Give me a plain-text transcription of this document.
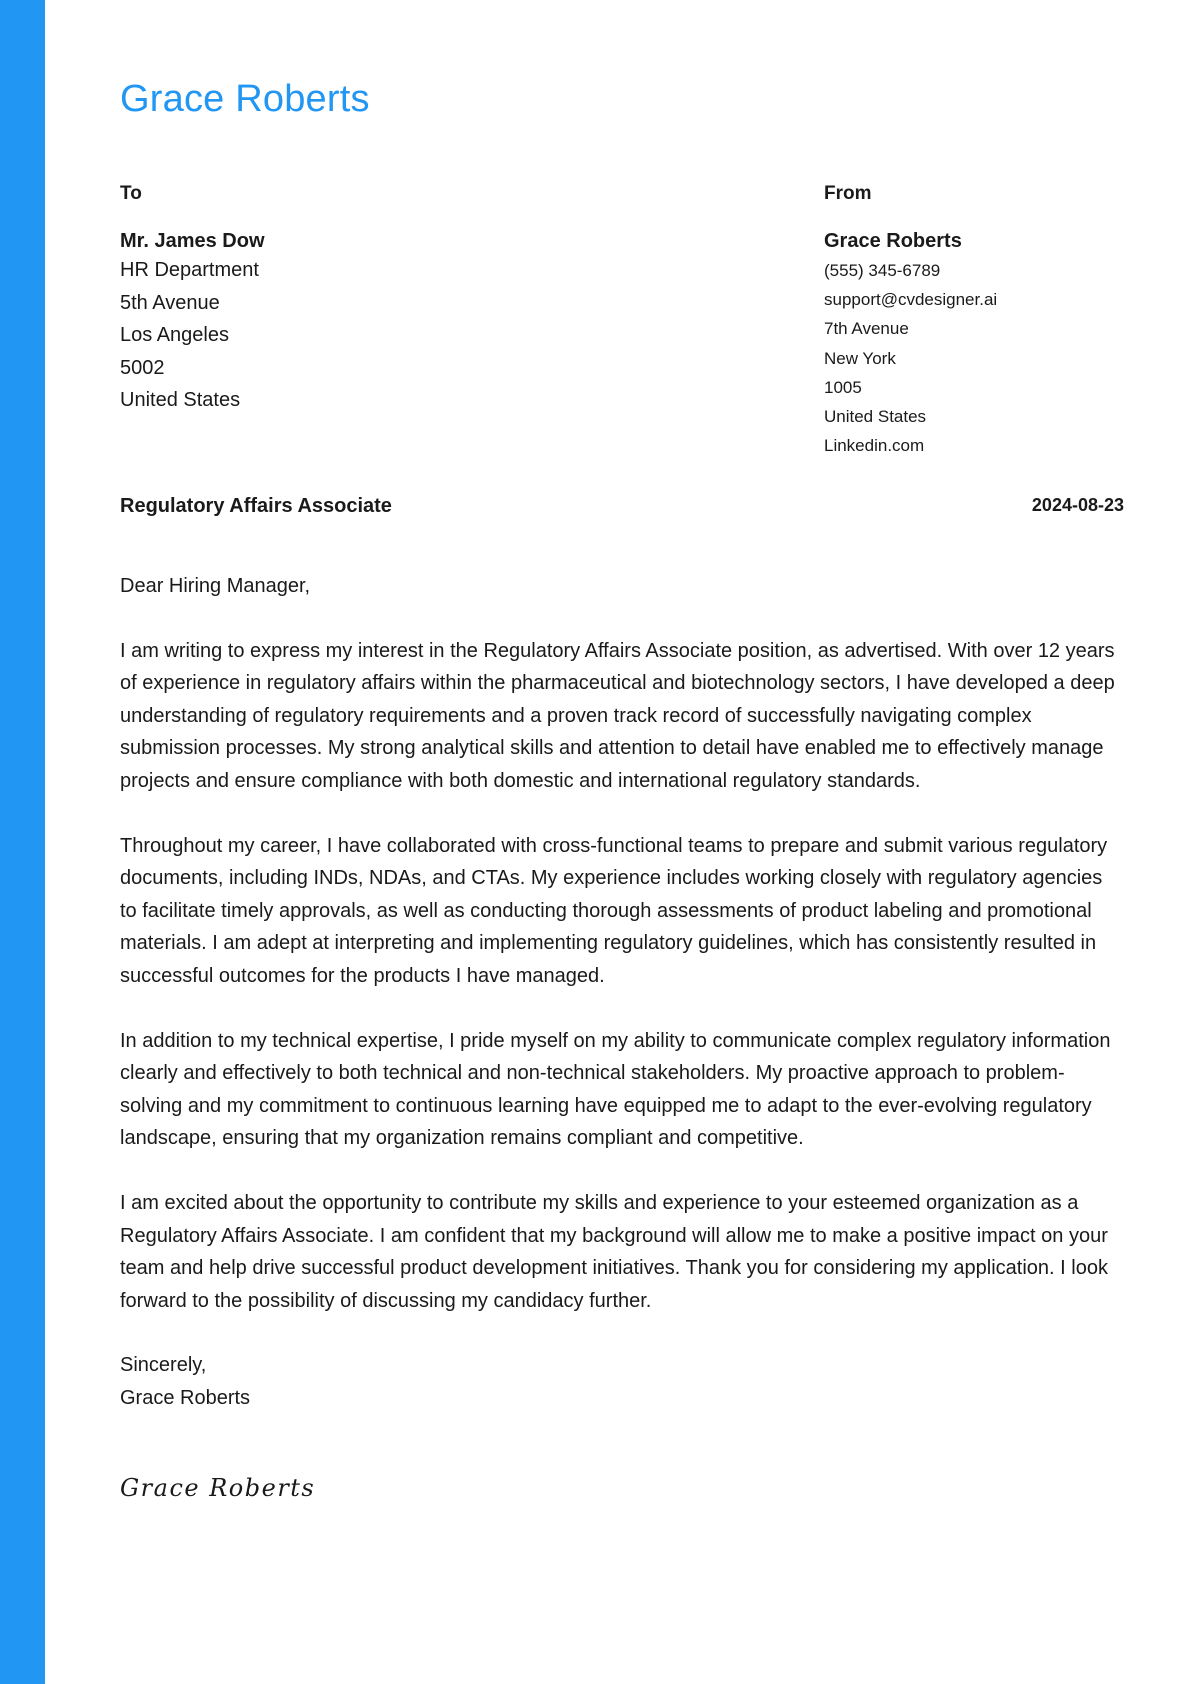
Grace Roberts
To
Mr. James Dow
HR Department
5th Avenue
Los Angeles
5002
United States
From
Grace Roberts
(555) 345-6789
support@cvdesigner.ai
7th Avenue
New York
1005
United States
Linkedin.com
Regulatory Affairs Associate	2024-08-23

Dear Hiring Manager,

I am writing to express my interest in the Regulatory Affairs Associate position, as advertised. With over 12 years of experience in regulatory affairs within the pharmaceutical and biotechnology sectors, I have developed a deep understanding of regulatory requirements and a proven track record of successfully navigating complex submission processes. My strong analytical skills and attention to detail have enabled me to effectively manage projects and ensure compliance with both domestic and international regulatory standards.

Throughout my career, I have collaborated with cross-functional teams to prepare and submit various regulatory documents, including INDs, NDAs, and CTAs. My experience includes working closely with regulatory agencies to facilitate timely approvals, as well as conducting thorough assessments of product labeling and promotional materials. I am adept at interpreting and implementing regulatory guidelines, which has consistently resulted in successful outcomes for the products I have managed.

In addition to my technical expertise, I pride myself on my ability to communicate complex regulatory information clearly and effectively to both technical and non-technical stakeholders. My proactive approach to problem-solving and my commitment to continuous learning have equipped me to adapt to the ever-evolving regulatory landscape, ensuring that my organization remains compliant and competitive.

I am excited about the opportunity to contribute my skills and experience to your esteemed organization as a Regulatory Affairs Associate. I am confident that my background will allow me to make a positive impact on your team and help drive successful product development initiatives. Thank you for considering my application. I look forward to the possibility of discussing my candidacy further.

Sincerely,

Grace Roberts

Grace Roberts
